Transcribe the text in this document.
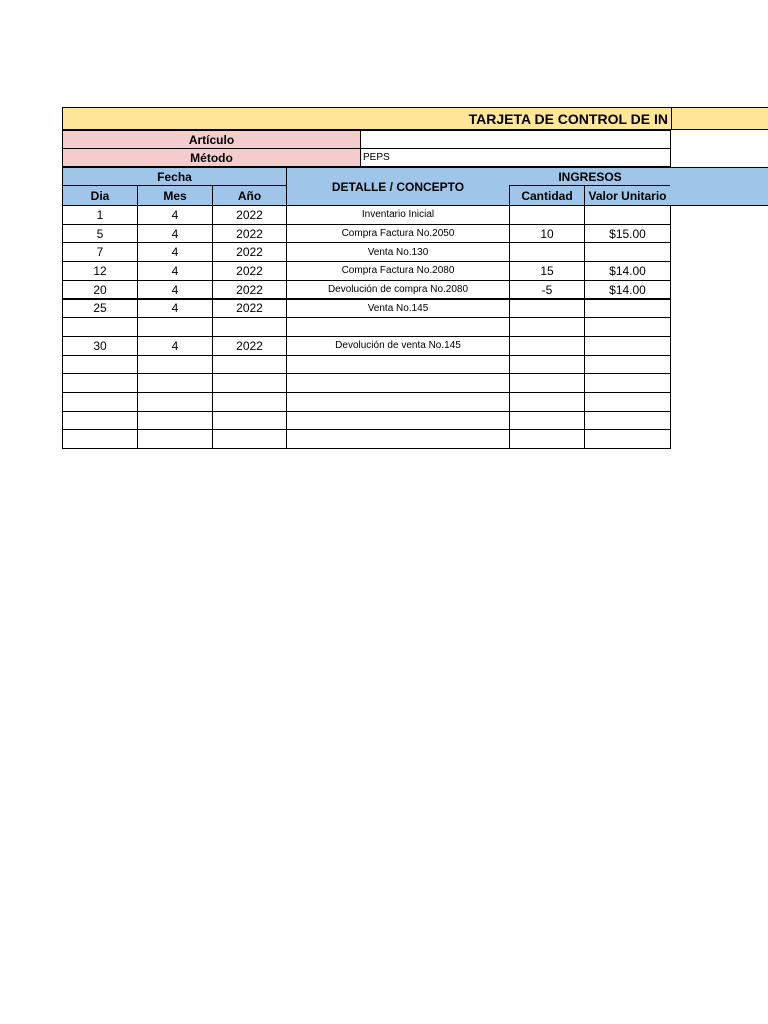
TARJETA DE CONTROL DE IN
Artículo
Método	PEPS
Fecha
DETALLE / CONCEPTO
INGRESOS
Dia	Mes	Año	Cantidad	Valor Unitario
1	4	2022	Inventario Inicial
5	4	2022	Compra Factura No.2050	10	$15.00
7	4	2022	Venta No.130
12	4	2022	Compra Factura No.2080	15	$14.00
20	4	2022	Devolución de compra No.2080	-5	$14.00
25	4	2022	Venta No.145
30	4	2022	Devolución de venta No.145
